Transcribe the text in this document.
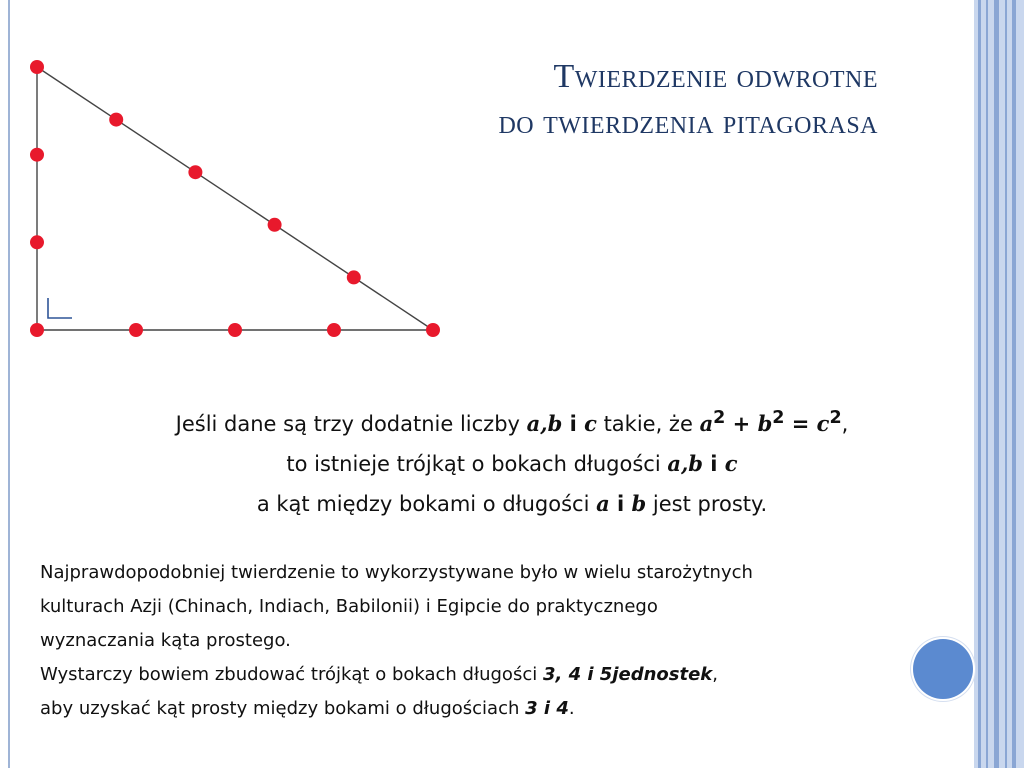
Twierdzenie odwrotne
do twierdzenia pitagorasa
Jeśli dane są trzy dodatnie liczby a,b i c takie, że $a^2 + b^2 = c^2$,
to istnieje trójkąt o bokach długości a,b i c
a kąt między bokami o długości a i b jest prosty.
Najprawdopodobniej twierdzenie to wykorzystywane było w wielu starożytnych
kulturach Azji (Chinach, Indiach, Babilonii) i Egipcie do praktycznego
wyznaczania kąta prostego.
Wystarczy bowiem zbudować trójkąt o bokach długości 3, 4 i 5jednostek,
aby uzyskać kąt prosty między bokami o długościach 3 i 4.
